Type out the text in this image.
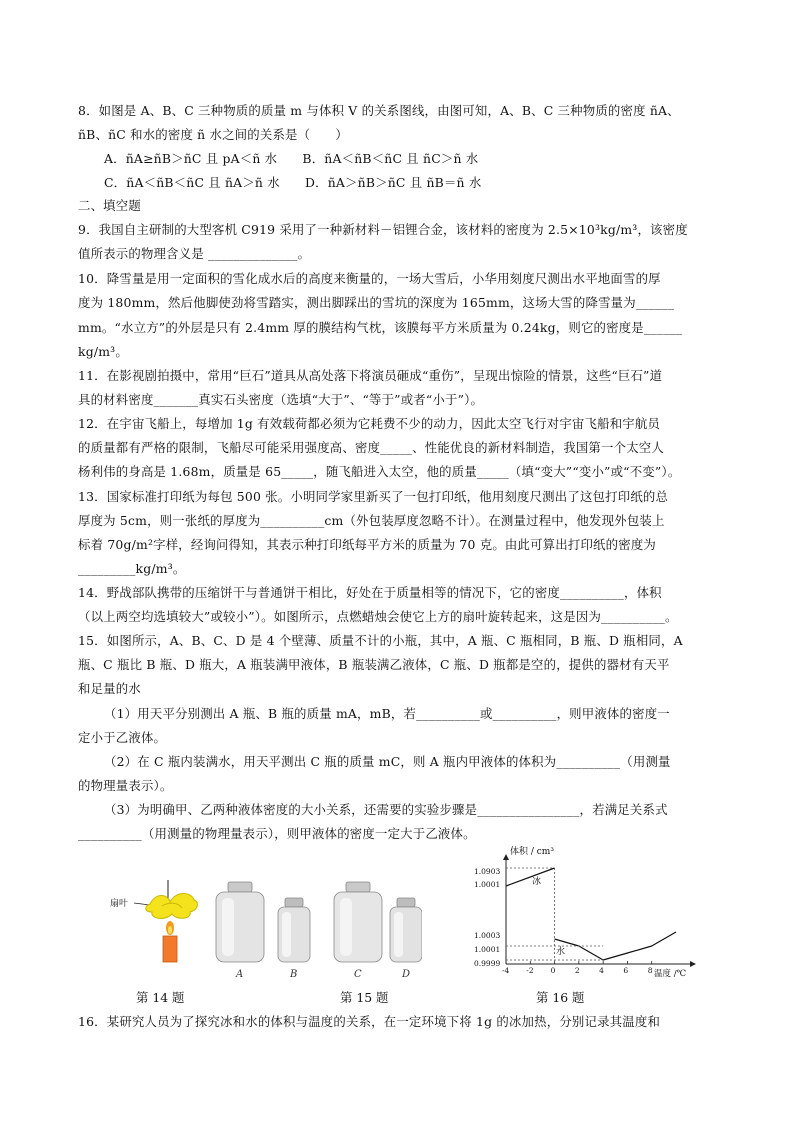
8．如图是 A、B、C 三种物质的质量 m 与体积 V 的关系图线，由图可知，A、B、C 三种物质的密度 ñA、
ñB、ñC 和水的密度 ñ 水之间的关系是（　　）
A．ñA≥ñB＞ñC 且 pA＜ñ 水　　B．ñA＜ñB＜ñC 且 ñC＞ñ 水
C．ñA＜ñB＜ñC 且 ñA＞ñ 水　　D．ñA＞ñB＞ñC 且 ñB＝ñ 水
二、填空题
9．我国自主研制的大型客机 C919 采用了一种新材料－铝锂合金，该材料的密度为 2.5×10³kg/m³，该密度
值所表示的物理含义是 ______________。
10．降雪量是用一定面积的雪化成水后的高度来衡量的，一场大雪后，小华用刻度尺测出水平地面雪的厚
度为 180mm，然后他脚使劲将雪踏实，测出脚踩出的雪坑的深度为 165mm，这场大雪的降雪量为______
mm。“水立方”的外层是只有 2.4mm 厚的膜结构气枕，该膜每平方米质量为 0.24kg，则它的密度是______
kg/m³。
11．在影视剧拍摄中，常用“巨石”道具从高处落下将演员砸成“重伤”，呈现出惊险的情景，这些“巨石”道
具的材料密度_______真实石头密度（选填“大于”、“等于”或者“小于”）。
12．在宇宙飞船上，每增加 1g 有效载荷都必须为它耗费不少的动力，因此太空飞行对宇宙飞船和宇航员
的质量都有严格的限制，飞船尽可能采用强度高、密度_____、性能优良的新材料制造，我国第一个太空人
杨利伟的身高是 1.68m，质量是 65_____，随飞船进入太空，他的质量_____（填“变大”“变小”或“不变”）。
13．国家标准打印纸为每包 500 张。小明同学家里新买了一包打印纸，他用刻度尺测出了这包打印纸的总
厚度为 5cm，则一张纸的厚度为__________cm（外包装厚度忽略不计）。在测量过程中，他发现外包装上
标着 70g/m²字样，经询问得知，其表示种打印纸每平方米的质量为 70 克。由此可算出打印纸的密度为
_________kg/m³。
14．野战部队携带的压缩饼干与普通饼干相比，好处在于质量相等的情况下，它的密度__________，体积
（以上两空均选填较大”或较小”）。如图所示，点燃蜡烛会使它上方的扇叶旋转起来，这是因为__________。
15．如图所示，A、B、C、D 是 4 个壁薄、质量不计的小瓶，其中，A 瓶、C 瓶相同，B 瓶、D 瓶相同，A
瓶、C 瓶比 B 瓶、D 瓶大，A 瓶装满甲液体，B 瓶装满乙液体，C 瓶、D 瓶都是空的，提供的器材有天平
和足量的水
（1）用天平分别测出 A 瓶、B 瓶的质量 mA，mB，若__________或__________，则甲液体的密度一
定小于乙液体。
（2）在 C 瓶内装满水，用天平测出 C 瓶的质量 mC，则 A 瓶内甲液体的体积为__________（用测量
的物理量表示）。
（3）为明确甲、乙两种液体密度的大小关系，还需要的实验步骤是________________，若满足关系式
__________（用测量的物理量表示），则甲液体的密度一定大于乙液体。
扇叶
第 14 题
A	B	C	D
第 15 题
体积 / cm³
温度 /℃
冰
水
1.0903
1.0001
1.0003
1.0001
0.9999
-4 -2 0	2	4	6	8
第 16 题
16．某研究人员为了探究冰和水的体积与温度的关系，在一定环境下将 1g 的冰加热，分别记录其温度和
